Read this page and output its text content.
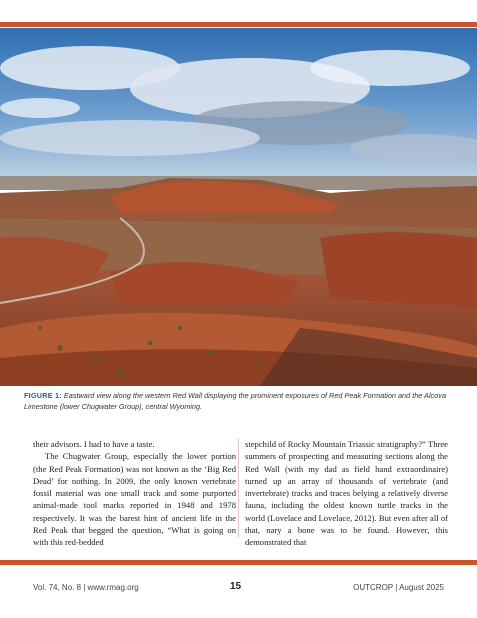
FIGURE 1: Eastward view along the western Red Wall displaying the prominent exposures of Red Peak Formation and the Alcova Limestone (lower Chugwater Group), central Wyoming.

their advisors. I had to have a taste.

The Chugwater Group, especially the lower portion (the Red Peak Formation) was not known as the ‘Big Red Dead’ for nothing. In 2009, the only known vertebrate fossil material was one small track and some purported animal-made tool marks reported in 1948 and 1978 respectively. It was the barest hint of ancient life in the Red Peak that begged the question, “What is going on with this red-bedded

stepchild of Rocky Mountain Triassic stratigraphy?” Three summers of prospecting and measuring sections along the Red Wall (with my dad as field hand extraordinaire) turned up an array of thousands of vertebrate (and invertebrate) tracks and traces belying a relatively diverse fauna, including the oldest known turtle tracks in the world (Lovelace and Lovelace, 2012). But even after all of that, nary a bone was to be found. However, this demonstrated that

Vol. 74, No. 8 | www.rmag.org	15	OUTCROP | August 2025
